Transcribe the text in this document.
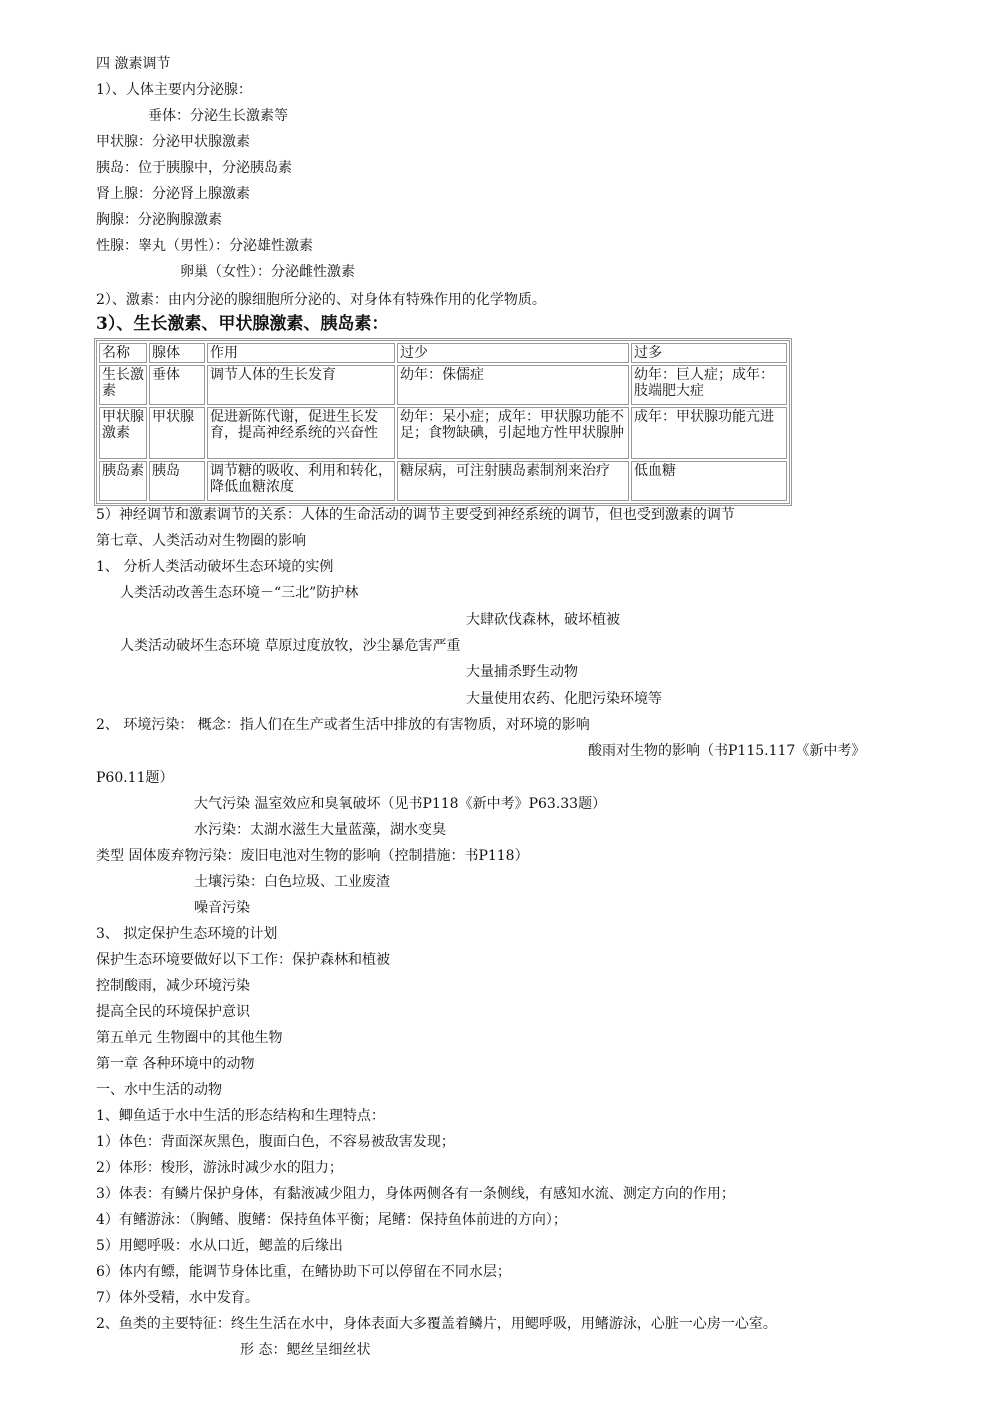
四 激素调节
1）、人体主要内分泌腺：
垂体：分泌生长激素等
甲状腺：分泌甲状腺激素
胰岛：位于胰腺中，分泌胰岛素
肾上腺：分泌肾上腺激素
胸腺：分泌胸腺激素
性腺：睾丸（男性）：分泌雄性激素
卵巢（女性）：分泌雌性激素
2）、激素：由内分泌的腺细胞所分泌的、对身体有特殊作用的化学物质。
3）、生长激素、甲状腺激素、胰岛素：
名称	腺体	作用	过少	过多
生长激素	垂体	调节人体的生长发育	幼年：侏儒症	幼年：巨人症；成年：肢端肥大症
甲状腺激素	甲状腺	促进新陈代谢，促进生长发育，提高神经系统的兴奋性	幼年：呆小症；成年：甲状腺功能不足；食物缺碘，引起地方性甲状腺肿	成年：甲状腺功能亢进
胰岛素	胰岛	调节糖的吸收、利用和转化，降低血糖浓度	糖尿病，可注射胰岛素制剂来治疗	低血糖
5）神经调节和激素调节的关系：人体的生命活动的调节主要受到神经系统的调节，但也受到激素的调节
第七章、人类活动对生物圈的影响
1、 分析人类活动破坏生态环境的实例
人类活动改善生态环境－“三北”防护林
大肆砍伐森林，破坏植被
人类活动破坏生态环境 草原过度放牧，沙尘暴危害严重
大量捕杀野生动物
大量使用农药、化肥污染环境等
2、 环境污染： 概念：指人们在生产或者生活中排放的有害物质，对环境的影响
酸雨对生物的影响（书P115.117《新中考》
P60.11题）
大气污染 温室效应和臭氧破坏（见书P118《新中考》P63.33题）
水污染：太湖水滋生大量蓝藻，湖水变臭
类型 固体废弃物污染：废旧电池对生物的影响（控制措施：书P118）
土壤污染：白色垃圾、工业废渣
噪音污染
3、 拟定保护生态环境的计划
保护生态环境要做好以下工作：保护森林和植被
控制酸雨，减少环境污染
提高全民的环境保护意识
第五单元 生物圈中的其他生物
第一章 各种环境中的动物
一、水中生活的动物
1、鲫鱼适于水中生活的形态结构和生理特点：
1）体色：背面深灰黑色，腹面白色，不容易被敌害发现；
2）体形：梭形，游泳时减少水的阻力；
3）体表：有鳞片保护身体，有黏液减少阻力，身体两侧各有一条侧线，有感知水流、测定方向的作用；
4）有鳍游泳：（胸鳍、腹鳍：保持鱼体平衡；尾鳍：保持鱼体前进的方向）；
5）用鳃呼吸：水从口近，鳃盖的后缘出
6）体内有鳔，能调节身体比重，在鳍协助下可以停留在不同水层；
7）体外受精，水中发育。
2、鱼类的主要特征：终生生活在水中，身体表面大多覆盖着鳞片，用鳃呼吸，用鳍游泳，心脏一心房一心室。
形 态：鳃丝呈细丝状
